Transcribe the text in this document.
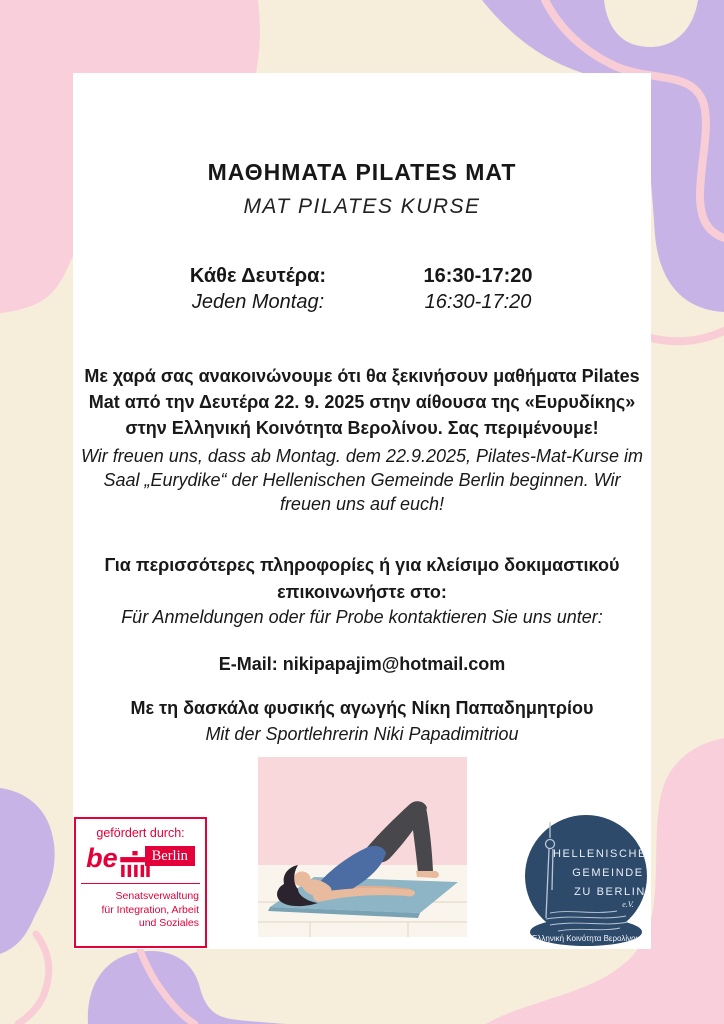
ΜΑΘΗΜΑΤΑ PILATES MAT
MAT PILATES KURSE
Κάθε Δευτέρα:	16:30-17:20
Jeden Montag:	16:30-17:20

Με χαρά σας ανακοινώνουμε ότι θα ξεκινήσουν μαθήματα Pilates Mat από την Δευτέρα 22. 9. 2025 στην αίθουσα της «Ευρυδίκης» στην Ελληνική Κοινότητα Βερολίνου. Σας περιμένουμε!

Wir freuen uns, dass ab Montag. dem 22.9.2025, Pilates-Mat-Kurse im Saal „Eurydike“ der Hellenischen Gemeinde Berlin beginnen. Wir freuen uns auf euch!

Για περισσότερες πληροφορίες ή για κλείσιμο δοκιμαστικού επικοινωνήστε στο:

Für Anmeldungen oder für Probe kontaktieren Sie uns unter:

E-Mail: nikipapajim@hotmail.com

Με τη δασκάλα φυσικής αγωγής Νίκη Παπαδημητρίου

Mit der Sportlehrerin Niki Papadimitriou

gefördert durch:
be	Berlin
Senatsverwaltung
für Integration, Arbeit
und Soziales
HELLENISCHE
GEMEINDE
ZU BERLIN
e.V.
Ελληνική Κοινότητα Βερολίνου
